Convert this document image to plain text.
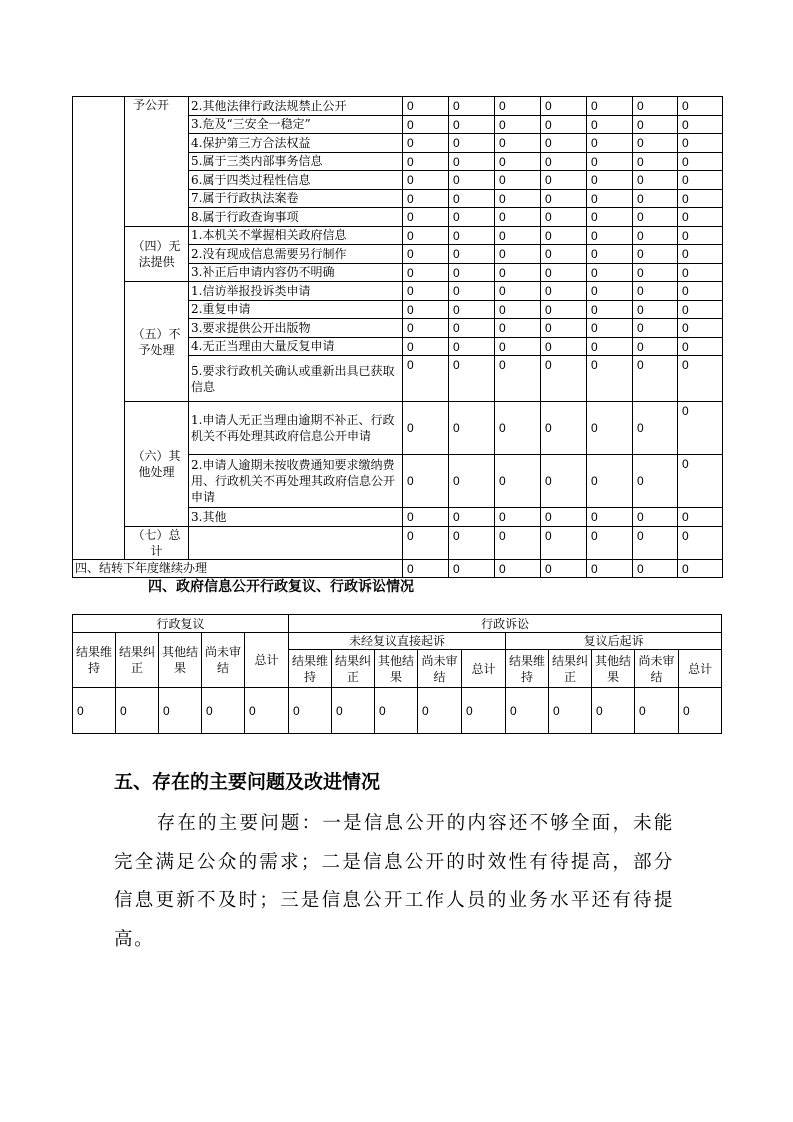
	予公开	2.其他法律行政法规禁止公开	0	0	0	0	0	0	0
		3.危及“三安全一稳定”	0	0	0	0	0	0	0
		4.保护第三方合法权益	0	0	0	0	0	0	0
		5.属于三类内部事务信息	0	0	0	0	0	0	0
		6.属于四类过程性信息	0	0	0	0	0	0	0
		7.属于行政执法案卷	0	0	0	0	0	0	0
		8.属于行政查询事项	0	0	0	0	0	0	0
	（四）无法提供	1.本机关不掌握相关政府信息	0	0	0	0	0	0	0
		2.没有现成信息需要另行制作	0	0	0	0	0	0	0
		3.补正后申请内容仍不明确	0	0	0	0	0	0	0
	（五）不予处理	1.信访举报投诉类申请	0	0	0	0	0	0	0
		2.重复申请	0	0	0	0	0	0	0
		3.要求提供公开出版物	0	0	0	0	0	0	0
		4.无正当理由大量反复申请	0	0	0	0	0	0	0
		5.要求行政机关确认或重新出具已获取信息	0	0	0	0	0	0	0
	（六）其他处理	1.申请人无正当理由逾期不补正、行政机关不再处理其政府信息公开申请	0	0	0	0	0	0	0
		2.申请人逾期未按收费通知要求缴纳费用、行政机关不再处理其政府信息公开申请	0	0	0	0	0	0	0
		3.其他	0	0	0	0	0	0	0
	（七）总计		0	0	0	0	0	0	0
四、结转下年度继续办理			0	0	0	0	0	0	0
四、政府信息公开行政复议、行政诉讼情况
行政复议					行政诉讼									
结果维持	结果纠正	其他结果	尚未审结	总计	未经复议直接起诉					复议后起诉				
					结果维持	结果纠正	其他结果	尚未审结	总计	结果维持	结果纠正	其他结果	尚未审结	总计
0	0	0	0	0	0	0	0	0	0	0	0	0	0	0
五、存在的主要问题及改进情况
存在的主要问题：一是信息公开的内容还不够全面，未能完全满足公众的需求；二是信息公开的时效性有待提高，部分信息更新不及时；三是信息公开工作人员的业务水平还有待提高。
